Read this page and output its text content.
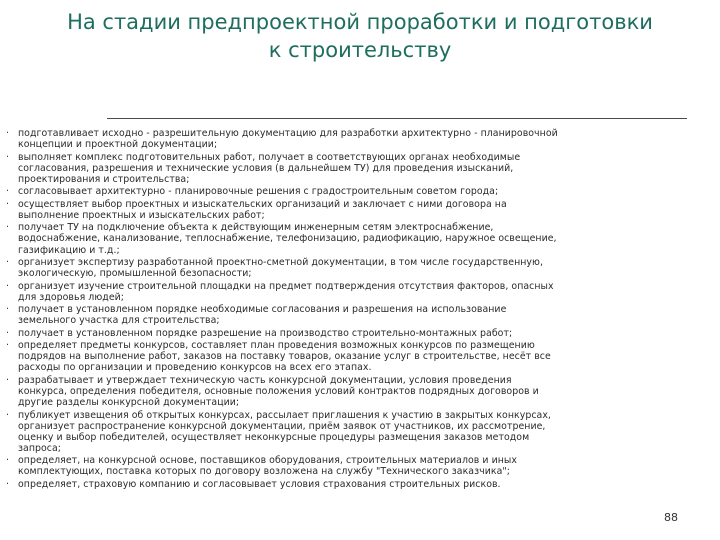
На стадии предпроектной проработки и подготовки
к строительству
· подготавливает исходно - разрешительную документацию для разработки архитектурно - планировочной
концепции и проектной документации;
· выполняет комплекс подготовительных работ, получает в соответствующих органах необходимые
согласования, разрешения и технические условия (в дальнейшем ТУ) для проведения изысканий,
проектирования и строительства;
· согласовывает архитектурно - планировочные решения с градостроительным советом города;
· осуществляет выбор проектных и изыскательских организаций и заключает с ними договора на
выполнение проектных и изыскательских работ;
· получает ТУ на подключение объекта к действующим инженерным сетям электроснабжение,
водоснабжение, канализование, теплоснабжение, телефонизацию, радиофикацию, наружное освещение,
газификацию и т.д.;
· организует экспертизу разработанной проектно-сметной документации, в том числе государственную,
экологическую, промышленной безопасности;
· организует изучение строительной площадки на предмет подтверждения отсутствия факторов, опасных
для здоровья людей;
· получает в установленном порядке необходимые согласования и разрешения на использование
земельного участка для строительства;
· получает в установленном порядке разрешение на производство строительно-монтажных работ;
· определяет предметы конкурсов, составляет план проведения возможных конкурсов по размещению
подрядов на выполнение работ, заказов на поставку товаров, оказание услуг в строительстве, несёт все
расходы по организации и проведению конкурсов на всех его этапах.
· разрабатывает и утверждает техническую часть конкурсной документации, условия проведения
конкурса, определения победителя, основные положения условий контрактов подрядных договоров и
другие разделы конкурсной документации;
· публикует извещения об открытых конкурсах, рассылает приглашения к участию в закрытых конкурсах,
организует распространение конкурсной документации, приём заявок от участников, их рассмотрение,
оценку и выбор победителей, осуществляет неконкурсные процедуры размещения заказов методом
запроса;
· определяет, на конкурсной основе, поставщиков оборудования, строительных материалов и иных
комплектующих, поставка которых по договору возложена на службу "Технического заказчика";
· определяет, страховую компанию и согласовывает условия страхования строительных рисков.
88
